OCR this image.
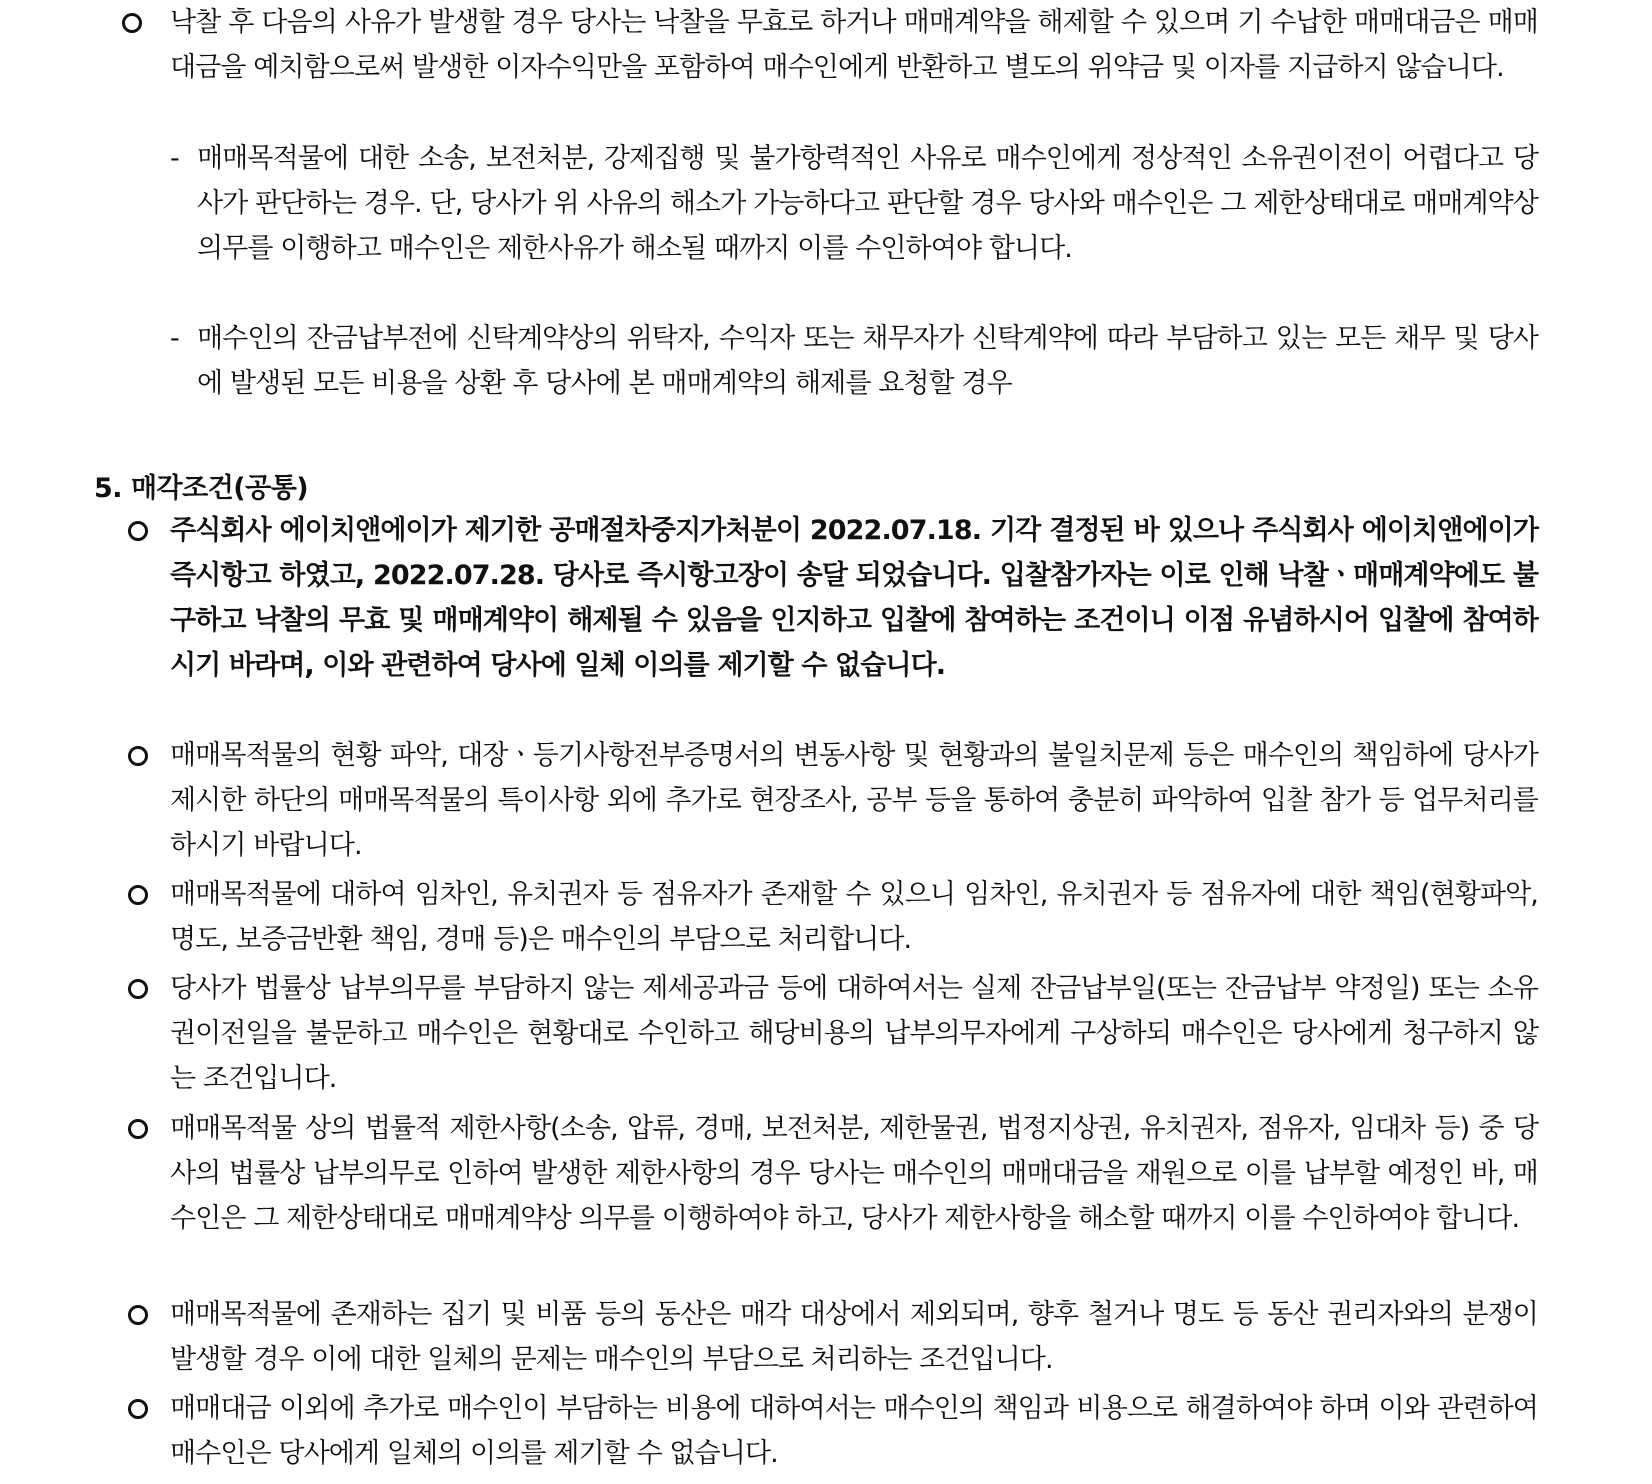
낙찰 후 다음의 사유가 발생할 경우 당사는 낙찰을 무효로 하거나 매매계약을 해제할 수 있으며 기 수납한 매매대금은 매매대금을 예치함으로써 발생한 이자수익만을 포함하여 매수인에게 반환하고 별도의 위약금 및 이자를 지급하지 않습니다.

- 매매목적물에 대한 소송, 보전처분, 강제집행 및 불가항력적인 사유로 매수인에게 정상적인 소유권이전이 어렵다고 당사가 판단하는 경우. 단, 당사가 위 사유의 해소가 가능하다고 판단할 경우 당사와 매수인은 그 제한상태대로 매매계약상 의무를 이행하고 매수인은 제한사유가 해소될 때까지 이를 수인하여야 합니다.

- 매수인의 잔금납부전에 신탁계약상의 위탁자, 수익자 또는 채무자가 신탁계약에 따라 부담하고 있는 모든 채무 및 당사에 발생된 모든 비용을 상환 후 당사에 본 매매계약의 해제를 요청할 경우

5. 매각조건(공통)

주식회사 에이치앤에이가 제기한 공매절차중지가처분이 2022.07.18. 기각 결정된 바 있으나 주식회사 에이치앤에이가 즉시항고 하였고, 2022.07.28. 당사로 즉시항고장이 송달 되었습니다. 입찰참가자는 이로 인해 낙찰ㆍ매매계약에도 불구하고 낙찰의 무효 및 매매계약이 해제될 수 있음을 인지하고 입찰에 참여하는 조건이니 이점 유념하시어 입찰에 참여하시기 바라며, 이와 관련하여 당사에 일체 이의를 제기할 수 없습니다.

매매목적물의 현황 파악, 대장ㆍ등기사항전부증명서의 변동사항 및 현황과의 불일치문제 등은 매수인의 책임하에 당사가 제시한 하단의 매매목적물의 특이사항 외에 추가로 현장조사, 공부 등을 통하여 충분히 파악하여 입찰 참가 등 업무처리를 하시기 바랍니다.

매매목적물에 대하여 임차인, 유치권자 등 점유자가 존재할 수 있으니 임차인, 유치권자 등 점유자에 대한 책임(현황파악, 명도, 보증금반환 책임, 경매 등)은 매수인의 부담으로 처리합니다.

당사가 법률상 납부의무를 부담하지 않는 제세공과금 등에 대하여서는 실제 잔금납부일(또는 잔금납부 약정일) 또는 소유권이전일을 불문하고 매수인은 현황대로 수인하고 해당비용의 납부의무자에게 구상하되 매수인은 당사에게 청구하지 않는 조건입니다.

매매목적물 상의 법률적 제한사항(소송, 압류, 경매, 보전처분, 제한물권, 법정지상권, 유치권자, 점유자, 임대차 등) 중 당사의 법률상 납부의무로 인하여 발생한 제한사항의 경우 당사는 매수인의 매매대금을 재원으로 이를 납부할 예정인 바, 매수인은 그 제한상태대로 매매계약상 의무를 이행하여야 하고, 당사가 제한사항을 해소할 때까지 이를 수인하여야 합니다.

매매목적물에 존재하는 집기 및 비품 등의 동산은 매각 대상에서 제외되며, 향후 철거나 명도 등 동산 권리자와의 분쟁이 발생할 경우 이에 대한 일체의 문제는 매수인의 부담으로 처리하는 조건입니다.

매매대금 이외에 추가로 매수인이 부담하는 비용에 대하여서는 매수인의 책임과 비용으로 해결하여야 하며 이와 관련하여 매수인은 당사에게 일체의 이의를 제기할 수 없습니다.
